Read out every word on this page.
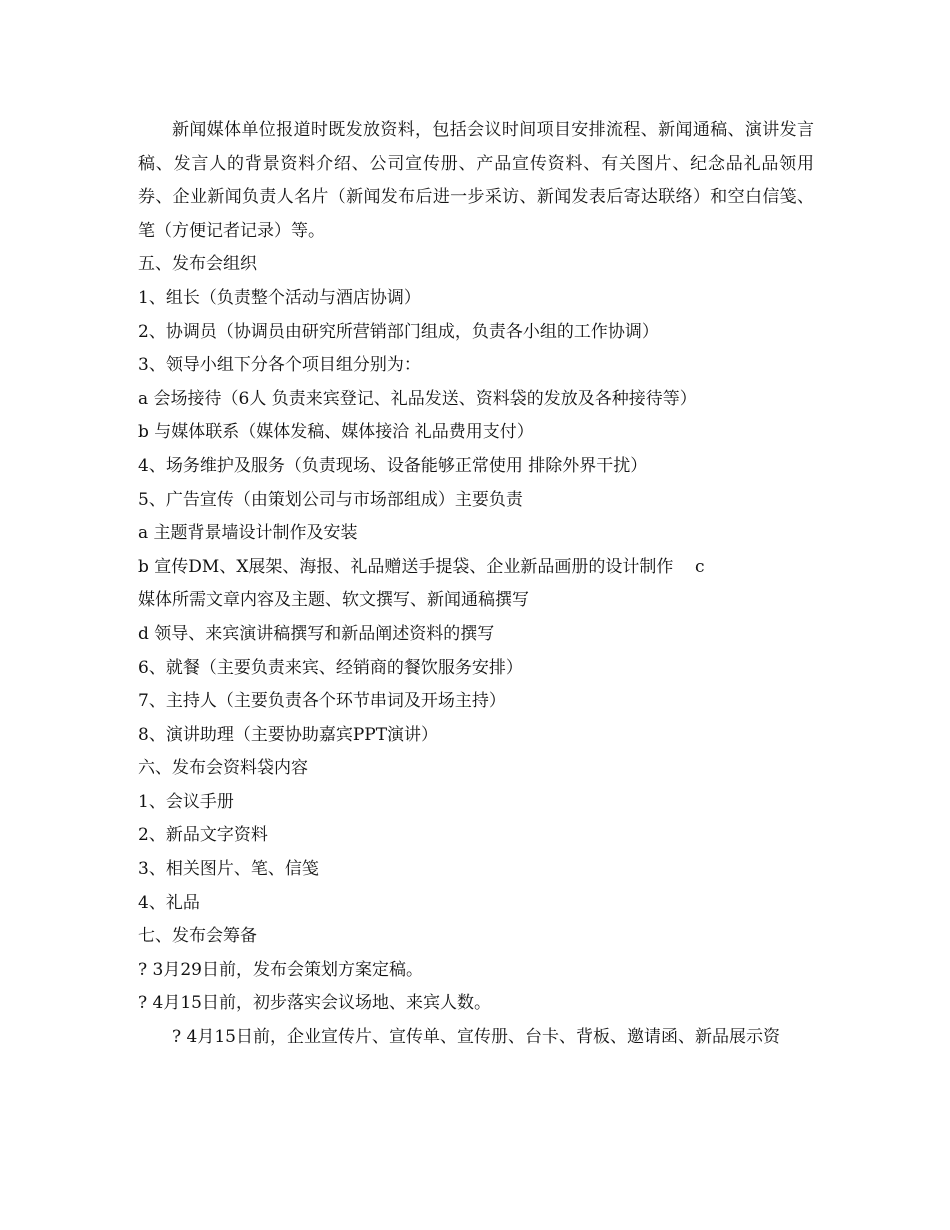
新闻媒体单位报道时既发放资料，包括会议时间项目安排流程、新闻通稿、演讲发言稿、发言人的背景资料介绍、公司宣传册、产品宣传资料、有关图片、纪念品礼品领用券、企业新闻负责人名片（新闻发布后进一步采访、新闻发表后寄达联络）和空白信笺、笔（方便记者记录）等。

五、发布会组织

1、组长（负责整个活动与酒店协调）

2、协调员（协调员由研究所营销部门组成，负责各小组的工作协调）

3、领导小组下分各个项目组分别为：

a 会场接待（6人 负责来宾登记、礼品发送、资料袋的发放及各种接待等）

b 与媒体联系（媒体发稿、媒体接洽 礼品费用支付）

4、场务维护及服务（负责现场、设备能够正常使用 排除外界干扰）

5、广告宣传（由策划公司与市场部组成）主要负责

a 主题背景墙设计制作及安装

b 宣传DM、X展架、海报、礼品赠送手提袋、企业新品画册的设计制作    c

媒体所需文章内容及主题、软文撰写、新闻通稿撰写

d 领导、来宾演讲稿撰写和新品阐述资料的撰写

6、就餐（主要负责来宾、经销商的餐饮服务安排）

7、主持人（主要负责各个环节串词及开场主持）

8、演讲助理（主要协助嘉宾PPT演讲）

六、发布会资料袋内容

1、会议手册

2、新品文字资料

3、相关图片、笔、信笺

4、礼品

七、发布会筹备

? 3月29日前，发布会策划方案定稿。

? 4月15日前，初步落实会议场地、来宾人数。

? 4月15日前，企业宣传片、宣传单、宣传册、台卡、背板、邀请函、新品展示资
